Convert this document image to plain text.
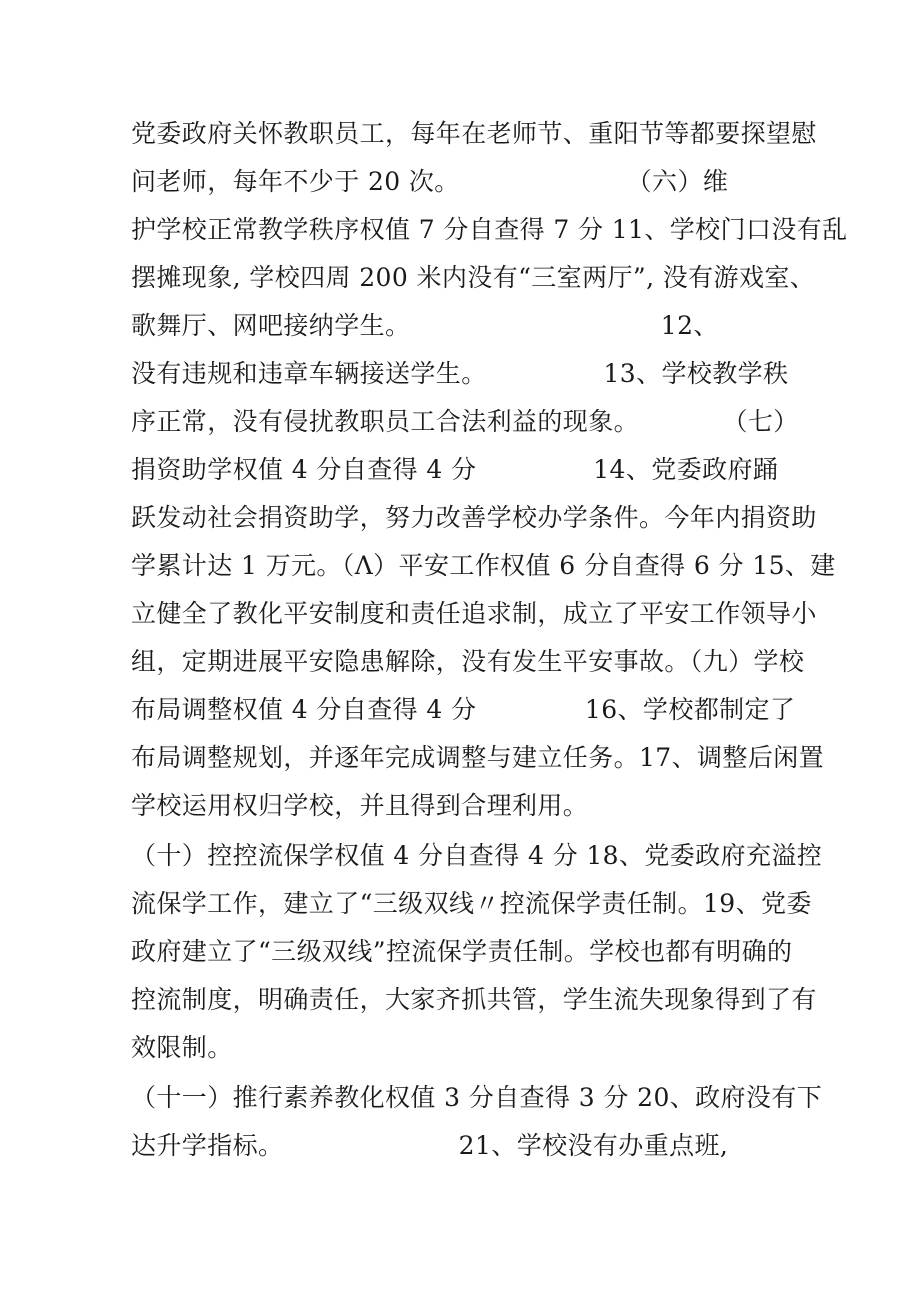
党委政府关怀教职员工，每年在老师节、重阳节等都要探望慰
问老师，每年不少于 20 次。                    （六）维
护学校正常教学秩序权值 7 分自查得 7 分 11、学校门口没有乱
摆摊现象, 学校四周 200 米内没有“三室两厅”, 没有游戏室、
歌舞厅、网吧接纳学生。                              12、
没有违规和违章车辆接送学生。              13、学校教学秩
序正常，没有侵扰教职员工合法利益的现象。          （七）
捐资助学权值 4 分自查得 4 分              14、党委政府踊
跃发动社会捐资助学，努力改善学校办学条件。今年内捐资助
学累计达 1 万元。（Λ）平安工作权值 6 分自查得 6 分 15、建
立健全了教化平安制度和责任追求制，成立了平安工作领导小
组，定期进展平安隐患解除，没有发生平安事故。（九）学校
布局调整权值 4 分自查得 4 分             16、学校都制定了
布局调整规划，并逐年完成调整与建立任务。17、调整后闲置
学校运用权归学校，并且得到合理利用。
（十）控控流保学权值 4 分自查得 4 分 18、党委政府充溢控
流保学工作，建立了“三级双线〃控流保学责任制。19、党委
政府建立了“三级双线”控流保学责任制。学校也都有明确的
控流制度，明确责任，大家齐抓共管，学生流失现象得到了有
效限制。
（十一）推行素养教化权值 3 分自查得 3 分 20、政府没有下
达升学指标。                     21、学校没有办重点班,
